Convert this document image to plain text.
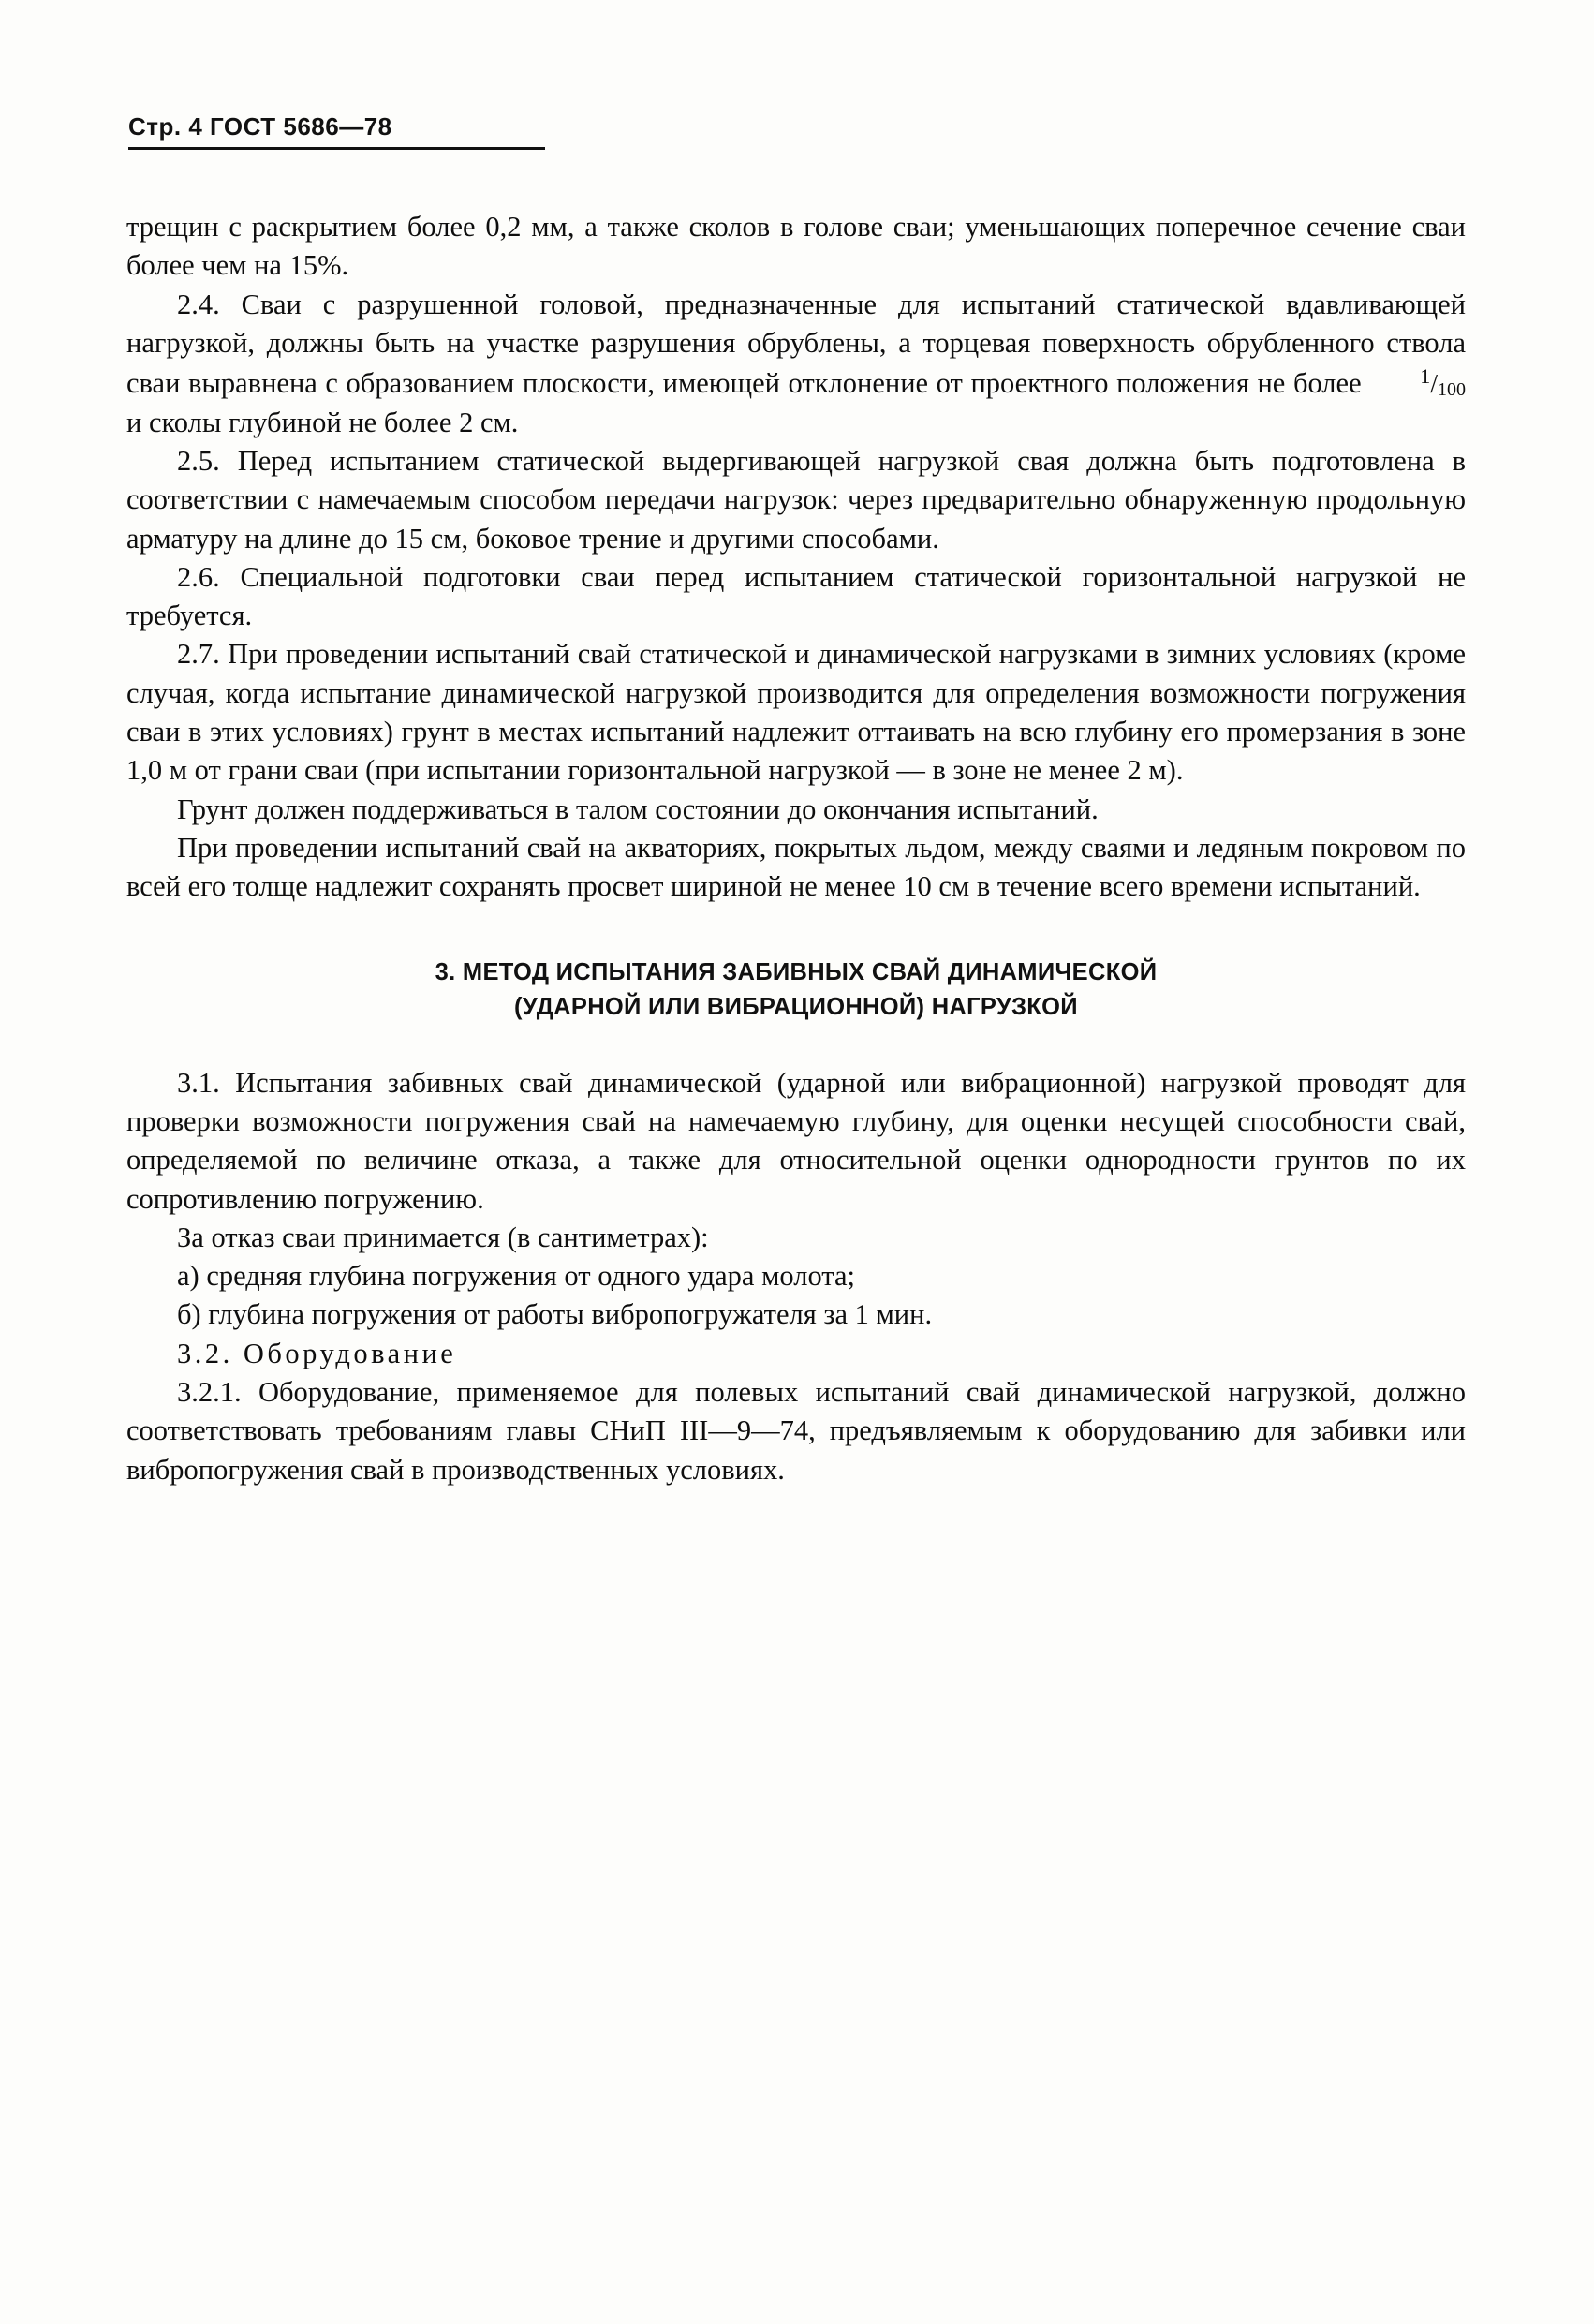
Стр. 4 ГОСТ 5686—78

трещин с раскрытием более 0,2 мм, а также сколов в голове сваи; уменьшающих поперечное сечение сваи более чем на 15%.

2.4. Сваи с разрушенной головой, предназначенные для испытаний статической вдавливающей нагрузкой, должны быть на участке разрушения обрублены, а торцевая поверхность обрубленного ствола сваи выравнена с образованием плоскости, имеющей отклонение от проектного положения не более $^1$/100 и сколы глубиной не более 2 см.

2.5. Перед испытанием статической выдергивающей нагрузкой свая должна быть подготовлена в соответствии с намечаемым способом передачи нагрузок: через предварительно обнаруженную продольную арматуру на длине до 15 см, боковое трение и другими способами.

2.6. Специальной подготовки сваи перед испытанием статической горизонтальной нагрузкой не требуется.

2.7. При проведении испытаний свай статической и динамической нагрузками в зимних условиях (кроме случая, когда испытание динамической нагрузкой производится для определения возможности погружения сваи в этих условиях) грунт в местах испытаний надлежит оттаивать на всю глубину его промерзания в зоне 1,0 м от грани сваи (при испытании горизонтальной нагрузкой — в зоне не менее 2 м).

Грунт должен поддерживаться в талом состоянии до окончания испытаний.

При проведении испытаний свай на акваториях, покрытых льдом, между сваями и ледяным покровом по всей его толще надлежит сохранять просвет шириной не менее 10 см в течение всего времени испытаний.

3. МЕТОД ИСПЫТАНИЯ ЗАБИВНЫХ СВАЙ ДИНАМИЧЕСКОЙ
(УДАРНОЙ ИЛИ ВИБРАЦИОННОЙ) НАГРУЗКОЙ

3.1. Испытания забивных свай динамической (ударной или вибрационной) нагрузкой проводят для проверки возможности погружения свай на намечаемую глубину, для оценки несущей способности свай, определяемой по величине отказа, а также для относительной оценки однородности грунтов по их сопротивлению погружению.

За отказ сваи принимается (в сантиметрах):

а) средняя глубина погружения от одного удара молота;

б) глубина погружения от работы вибропогружателя за 1 мин.

3.2. Оборудование

3.2.1. Оборудование, применяемое для полевых испытаний свай динамической нагрузкой, должно соответствовать требованиям главы СНиП III—9—74, предъявляемым к оборудованию для забивки или вибропогружения свай в производственных условиях.
